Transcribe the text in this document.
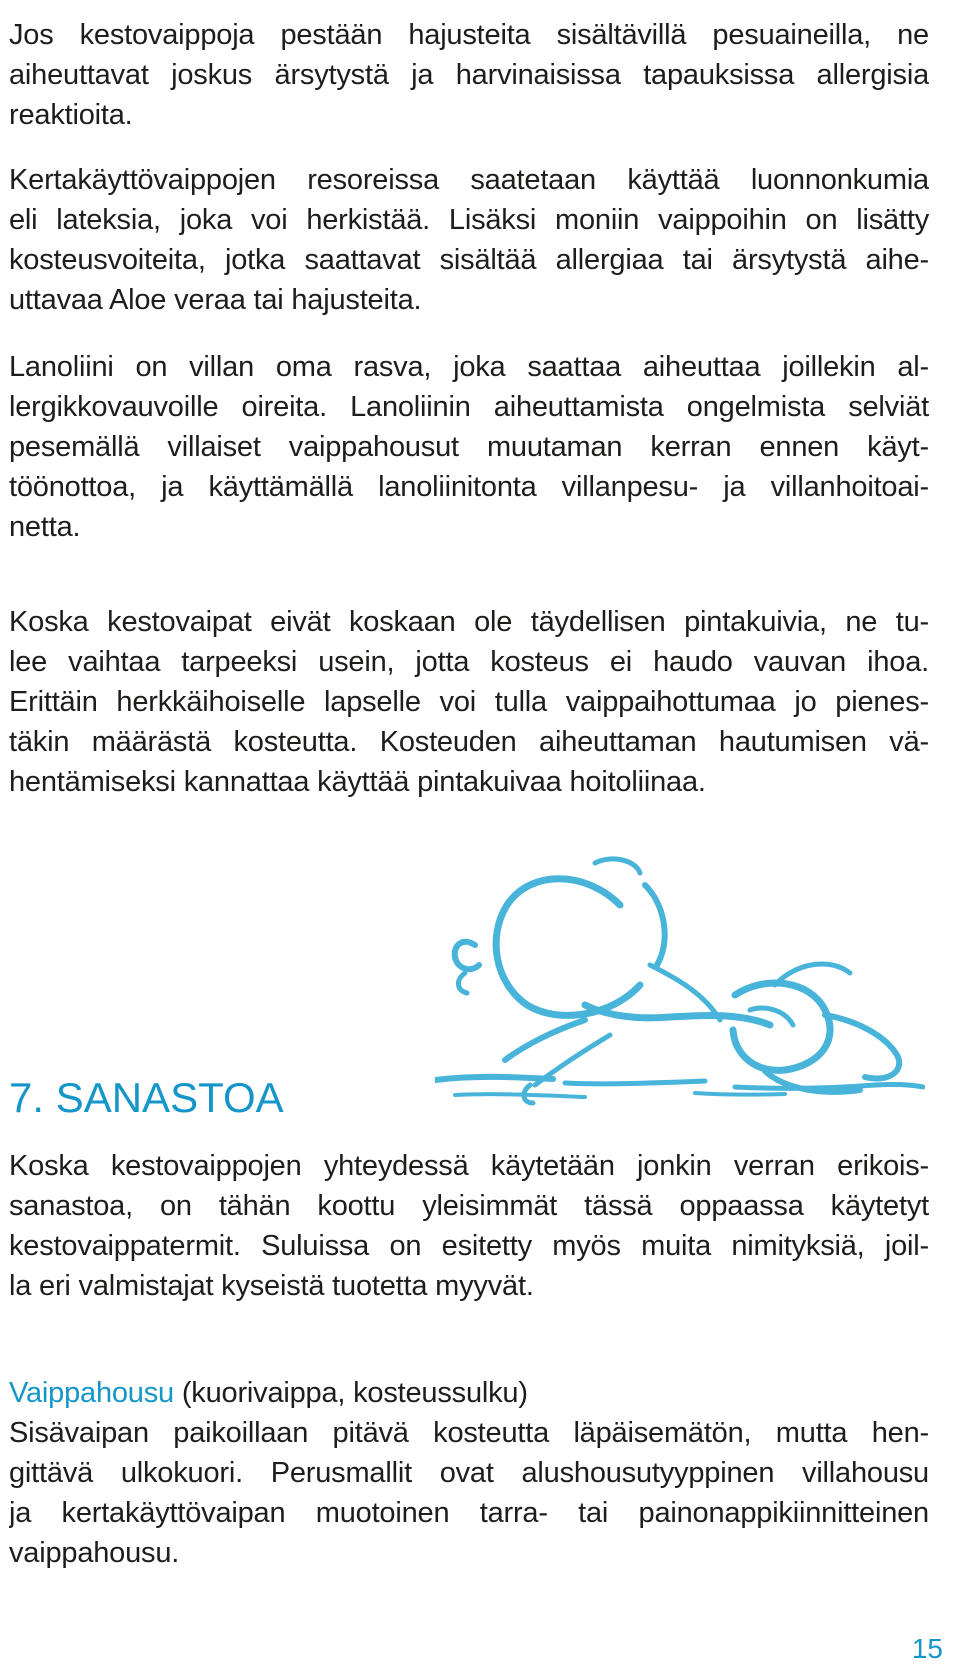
Jos kestovaippoja pestään hajusteita sisältävillä pesuaineilla, ne
aiheuttavat joskus ärsytystä ja harvinaisissa tapauksissa allergisia
reaktioita.

Kertakäyttövaippojen resoreissa saatetaan käyttää luonnonkumia
eli lateksia, joka voi herkistää. Lisäksi moniin vaippoihin on lisätty
kosteusvoiteita, jotka saattavat sisältää allergiaa tai ärsytystä aihe-
uttavaa Aloe veraa tai hajusteita.

Lanoliini on villan oma rasva, joka saattaa aiheuttaa joillekin al-
lergikkovauvoille oireita. Lanoliinin aiheuttamista ongelmista selviät
pesemällä villaiset vaippahousut muutaman kerran ennen käyt-
töönottoa, ja käyttämällä lanoliinitonta villanpesu- ja villanhoitoai-
netta.

Koska kestovaipat eivät koskaan ole täydellisen pintakuivia, ne tu-
lee vaihtaa tarpeeksi usein, jotta kosteus ei haudo vauvan ihoa.
Erittäin herkkäihoiselle lapselle voi tulla vaippaihottumaa jo pienes-
täkin määrästä kosteutta. Kosteuden aiheuttaman hautumisen vä-
hentämiseksi kannattaa käyttää pintakuivaa hoitoliinaa.

7. SANASTOA

Koska kestovaippojen yhteydessä käytetään jonkin verran erikois-
sanastoa, on tähän koottu yleisimmät tässä oppaassa käytetyt
kestovaippatermit. Suluissa on esitetty myös muita nimityksiä, joil-
la eri valmistajat kyseistä tuotetta myyvät.

Vaippahousu (kuorivaippa, kosteussulku)
Sisävaipan paikoillaan pitävä kosteutta läpäisemätön, mutta hen-
gittävä ulkokuori. Perusmallit ovat alushousutyyppinen villahousu
ja kertakäyttövaipan muotoinen tarra- tai painonappikiinnitteinen
vaippahousu.

15
